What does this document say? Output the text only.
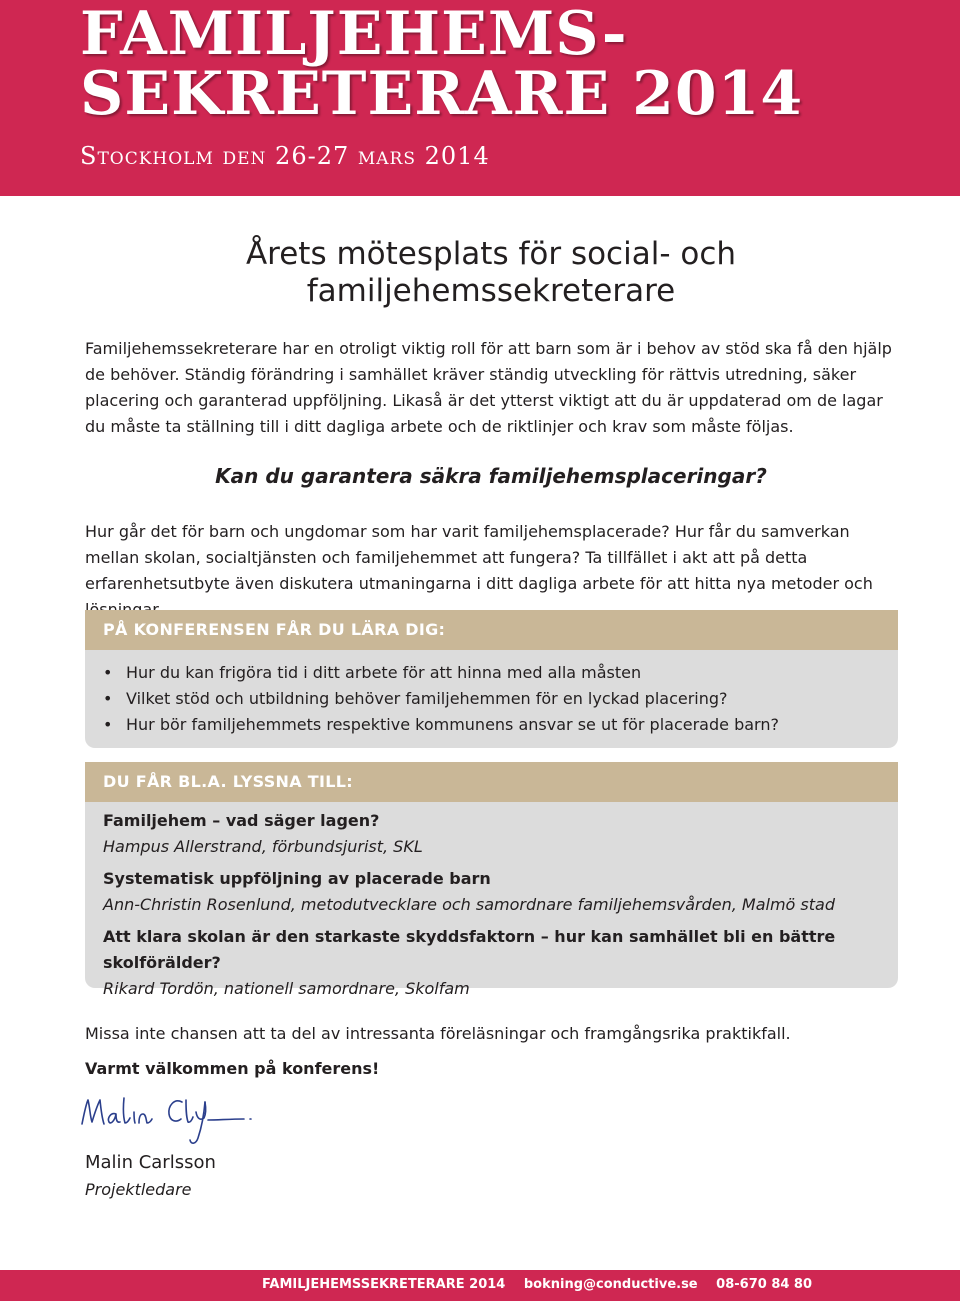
FAMILJEHEMS-
SEKRETERARE 2014
Stockholm den 26-27 mars 2014
Årets mötesplats för social- och familjehemssekreterare

Familjehemssekreterare har en otroligt viktig roll för att barn som är i behov av stöd ska få den hjälp de behöver. Ständig förändring i samhället kräver ständig utveckling för rättvis utredning, säker placering och garanterad uppföljning. Likaså är det ytterst viktigt att du är uppdaterad om de lagar du måste ta ställning till i ditt dagliga arbete och de riktlinjer och krav som måste följas.

Kan du garantera säkra familjehemsplaceringar?

Hur går det för barn och ungdomar som har varit familjehemsplacerade? Hur får du samverkan mellan skolan, socialtjänsten och familjehemmet att fungera? Ta tillfället i akt att på detta erfarenhetsutbyte även diskutera utmaningarna i ditt dagliga arbete för att hitta nya metoder och

PÅ KONFERENSEN FÅR DU LÄRA DIG:
• Hur du kan frigöra tid i ditt arbete för att hinna med alla måsten
• Vilket stöd och utbildning behöver familjehemmen för en lyckad placering?
• Hur bör familjehemmets respektive kommunens ansvar se ut för placerade barn?
DU FÅR BL.A. LYSSNA TILL:
Familjehem – vad säger lagen?
Hampus Allerstrand, förbundsjurist, SKL
Systematisk uppföljning av placerade barn
Ann-Christin Rosenlund, metodutvecklare och samordnare familjehemsvården, Malmö stad
Att klara skolan är den starkaste skyddsfaktorn – hur kan samhället bli en bättre skolförälder?
Rikard Tordön, nationell samordnare, Skolfam

Missa inte chansen att ta del av intressanta föreläsningar och framgångsrika praktikfall.

Varmt välkommen på konferens!

Malin Carlsson
Projektledare
FAMILJEHEMSSEKRETERARE 2014 bokning@conductive.se 08-670 84 80
